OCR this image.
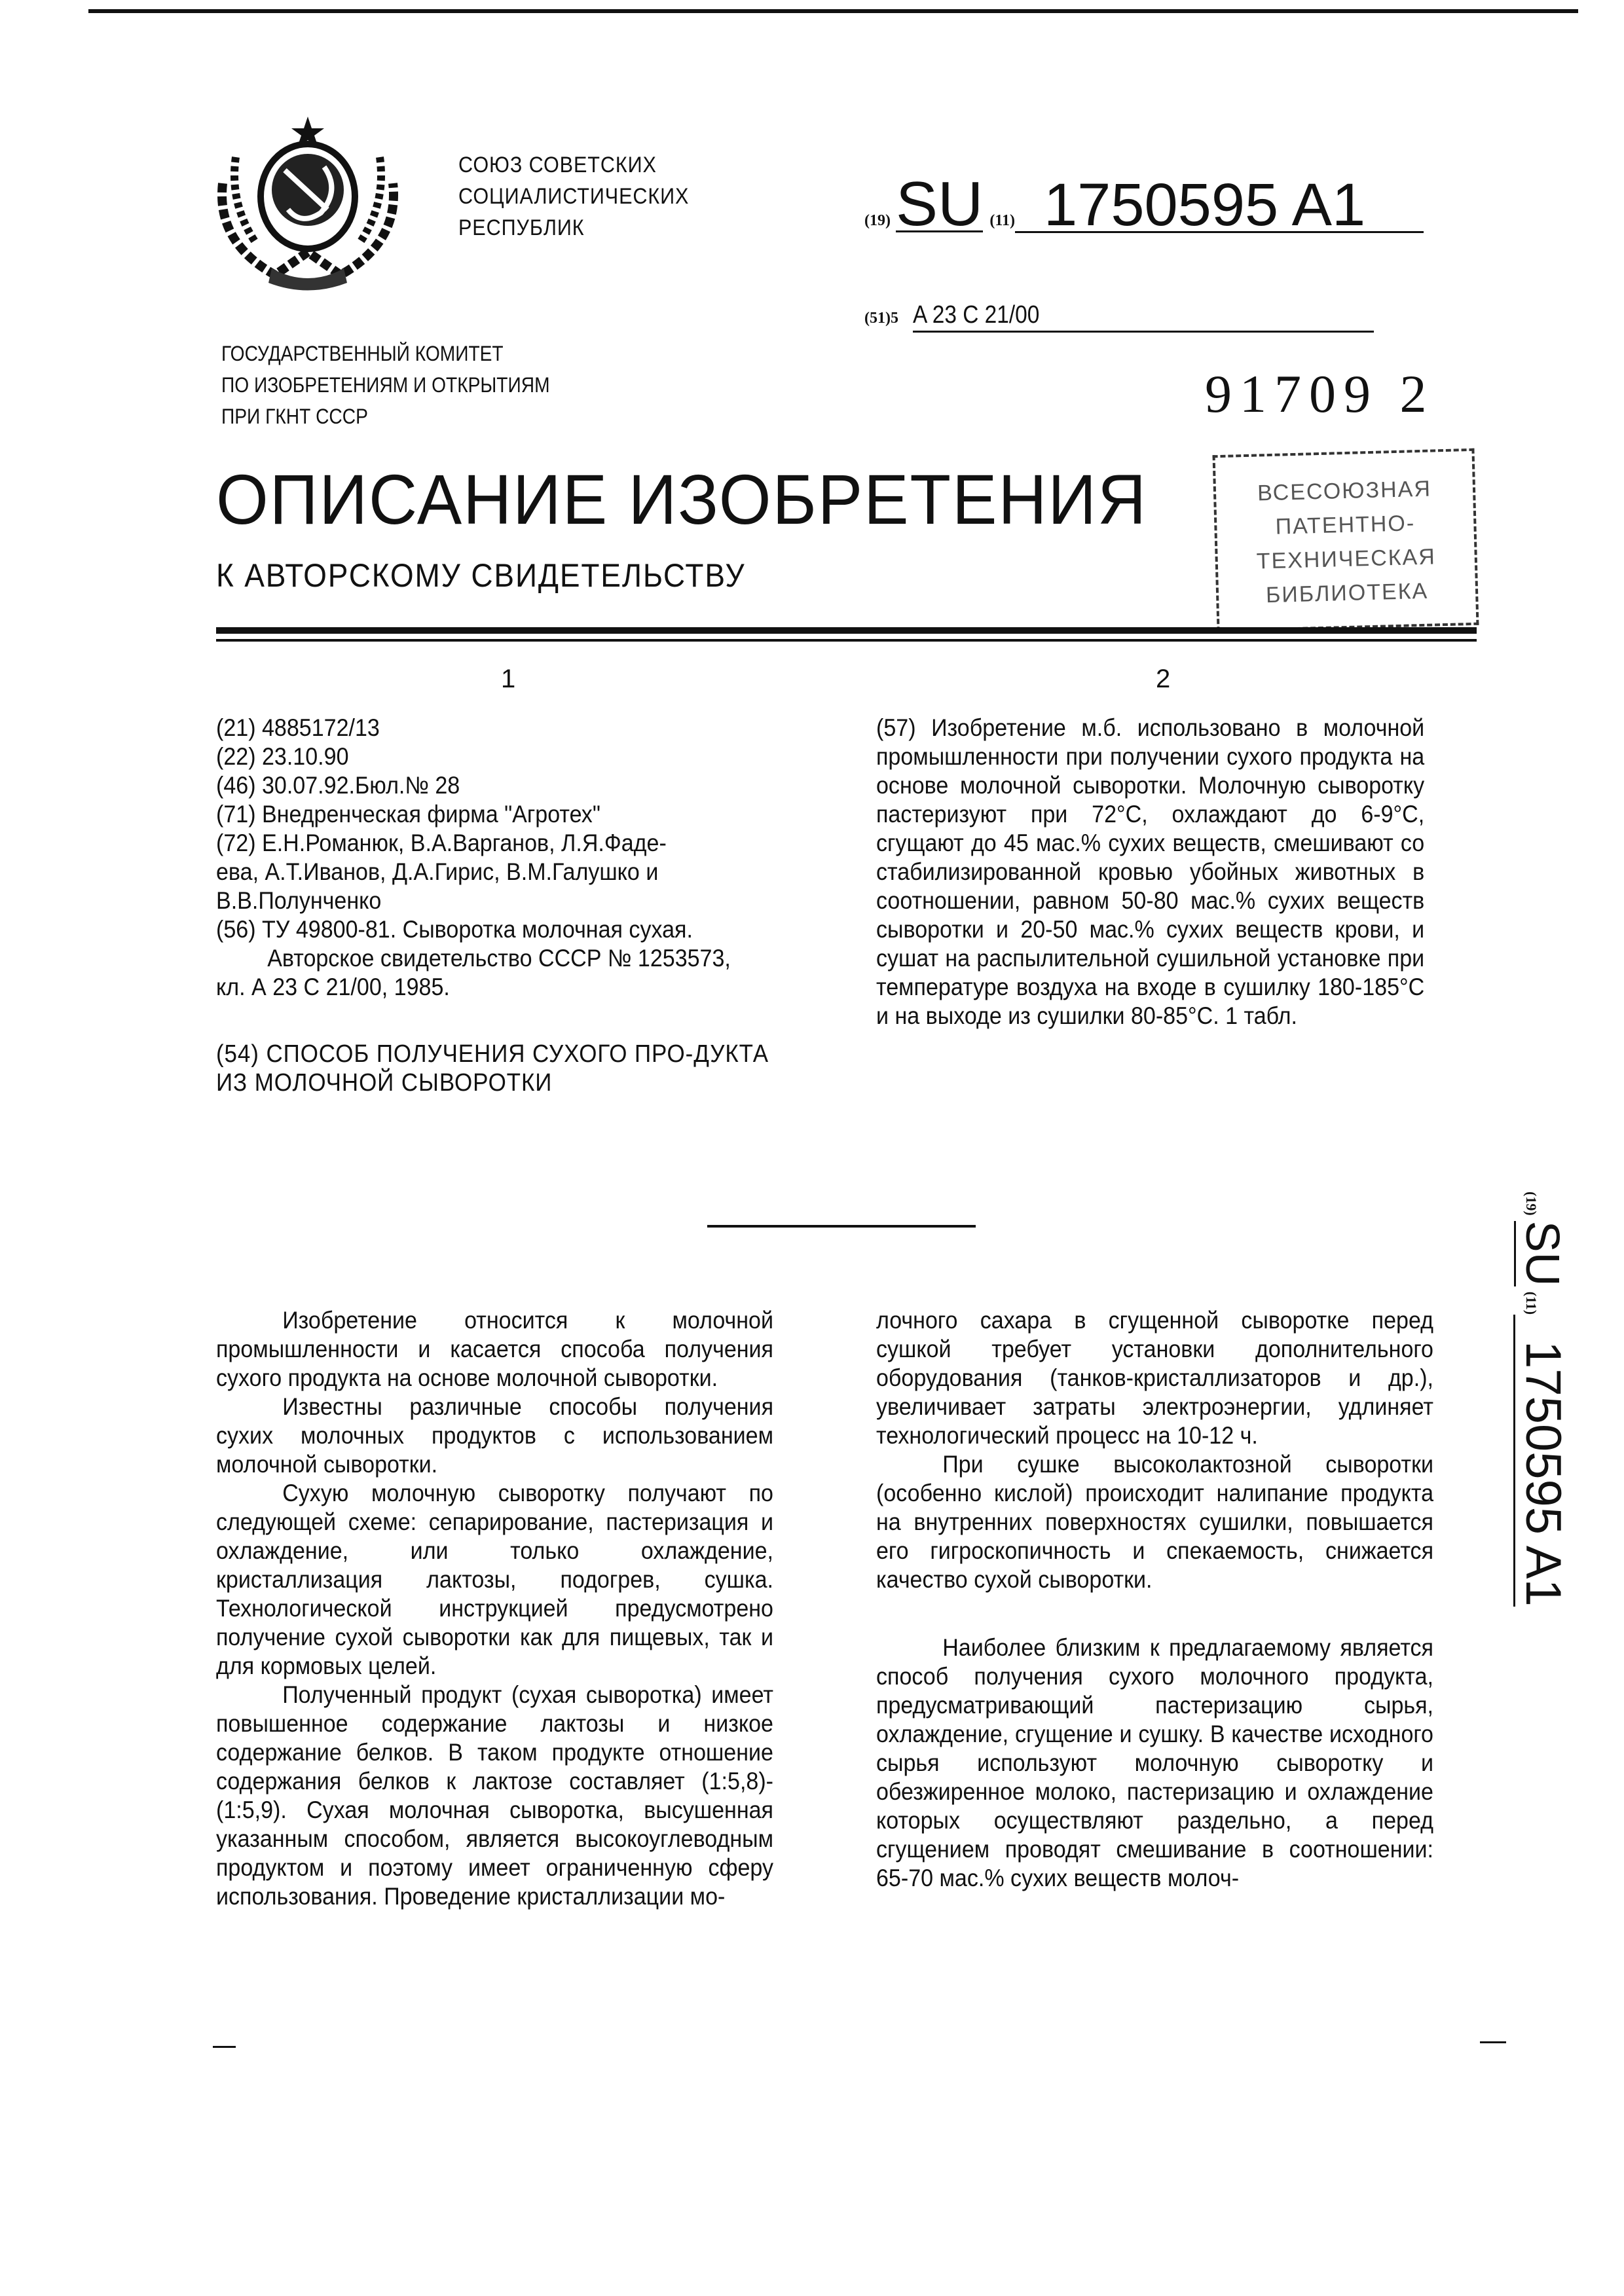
СОЮЗ СОВЕТСКИХ
СОЦИАЛИСТИЧЕСКИХ
РЕСПУБЛИК	(19)SU (11) 1750595 A1
(51)5 A 23 C 21/00
ГОСУДАРСТВЕННЫЙ КОМИТЕТ
ПО ИЗОБРЕТЕНИЯМ И ОТКРЫТИЯМ
ПРИ ГКНТ СССР	91709 2
ВСЕСОЮЗНАЯ
ПАТЕНТНО-
ТЕХНИЧЕСКАЯ
БИБЛИОТЕКА
ОПИСАНИЕ ИЗОБРЕТЕНИЯ
К АВТОРСКОМУ СВИДЕТЕЛЬСТВУ
1	2
(21) 4885172/13
(22) 23.10.90
(46) 30.07.92.Бюл.№ 28
(71) Внедренческая фирма "Агротех"
(72) Е.Н.Романюк, В.А.Варганов, Л.Я.Фаде-
ева, А.Т.Иванов, Д.А.Гирис, В.М.Галушко и
В.В.Полунченко
(56) ТУ 49800-81. Сыворотка молочная сухая.
Авторское свидетельство СССР № 1253573,
кл. А 23 С 21/00, 1985.
(54) СПОСОБ ПОЛУЧЕНИЯ СУХОГО ПРО-ДУКТА ИЗ МОЛОЧНОЙ СЫВОРОТКИ
(57) Изобретение м.б. использовано в молочной промышленности при получении сухого продукта на основе молочной сыворотки. Молочную сыворотку пастеризуют при 72°С, охлаждают до 6-9°С, сгущают до 45 мас.% сухих веществ, смешивают со стабилизированной кровью убойных животных в соотношении, равном 50-80 мас.% сухих веществ сыворотки и 20-50 мас.% сухих веществ крови, и сушат на распылительной сушильной установке при температуре воздуха на входе в сушилку 180-185°С и на выходе из сушилки 80-85°С. 1 табл.

Изобретение относится к молочной промышленности и касается способа получения сухого продукта на основе молочной сыворотки.

Известны различные способы получения сухих молочных продуктов с использованием молочной сыворотки.

Сухую молочную сыворотку получают по следующей схеме: сепарирование, пастеризация и охлаждение, или только охлаждение, кристаллизация лактозы, подогрев, сушка. Технологической инструкцией предусмотрено получение сухой сыворотки как для пищевых, так и для кормовых целей.

Полученный продукт (сухая сыворотка) имеет повышенное содержание лактозы и низкое содержание белков. В таком продукте отношение содержания белков к лактозе составляет (1:5,8)-(1:5,9). Сухая молочная сыворотка, высушенная указанным способом, является высокоуглеводным продуктом и поэтому имеет ограниченную сферу использования. Проведение кристаллизации мо-

лочного сахара в сгущенной сыворотке перед сушкой требует установки дополнительного оборудования (танков-кристаллизаторов и др.), увеличивает затраты электроэнергии, удлиняет технологический процесс на 10-12 ч.

При сушке высоколактозной сыворотки (особенно кислой) происходит налипание продукта на внутренних поверхностях сушилки, повышается его гигроскопичность и спекаемость, снижается качество сухой сыворотки.

Наиболее близким к предлагаемому является способ получения сухого молочного продукта, предусматривающий пастеризацию сырья, охлаждение, сгущение и сушку. В качестве исходного сырья используют молочную сыворотку и обезжиренное молоко, пастеризацию и охлаждение которых осуществляют раздельно, а перед сгущением проводят смешивание в соотношении: 65-70 мас.% сухих веществ молоч-

(19)SU(11)1750595 A1
